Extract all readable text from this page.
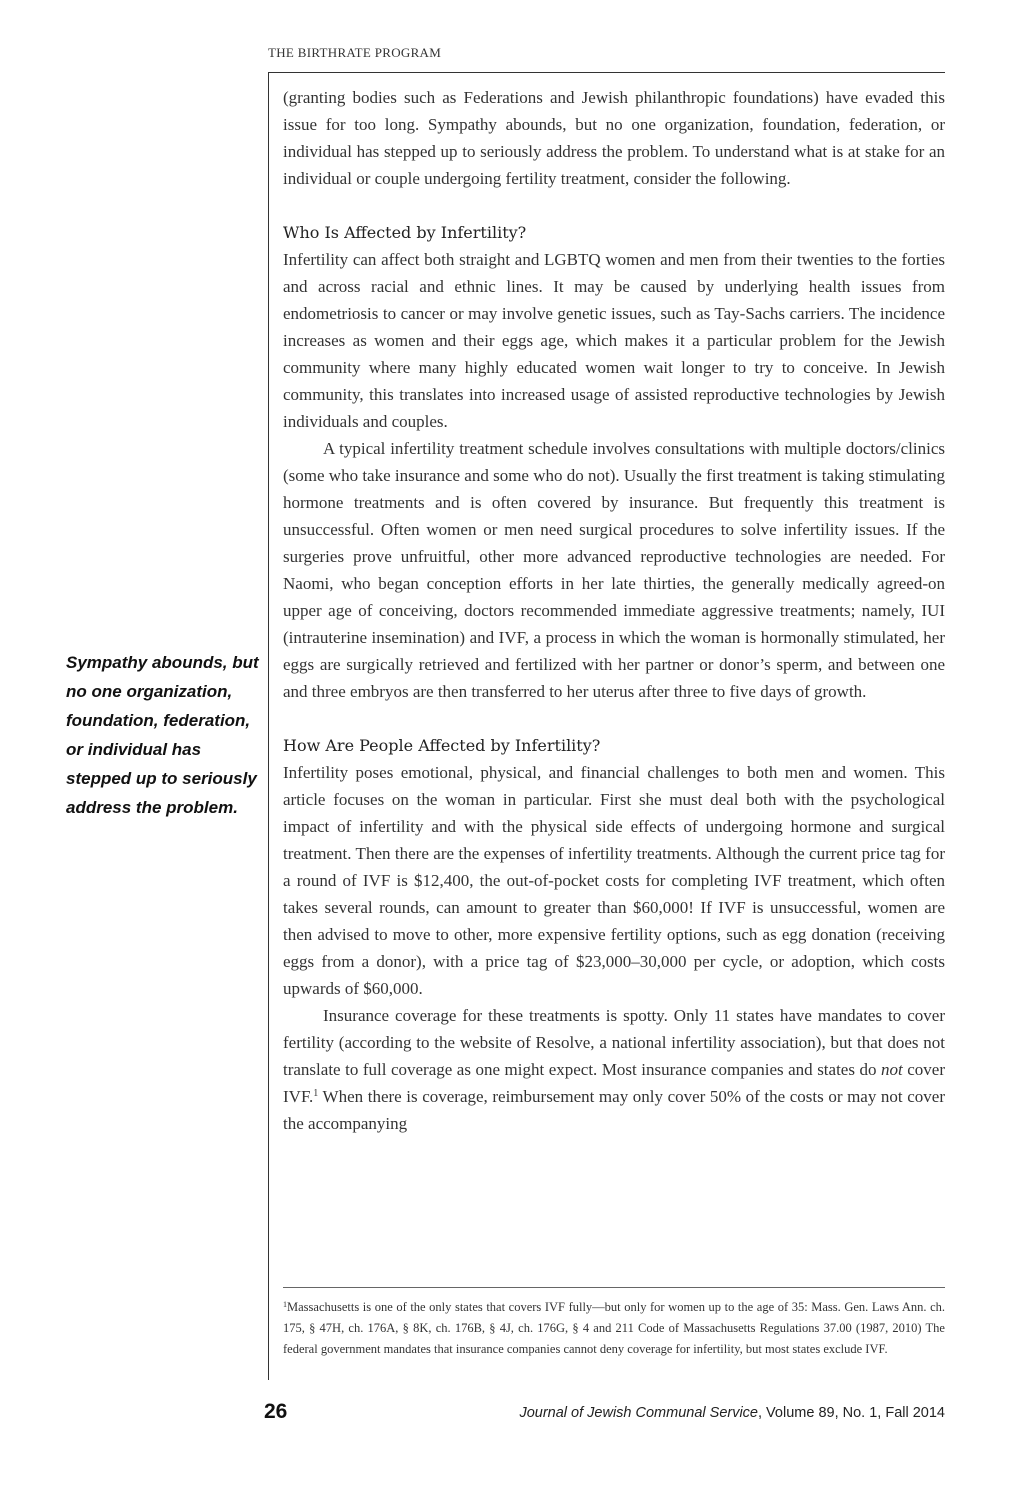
THE BIRTHRATE PROGRAM
Sympathy abounds, but no one organization, foundation, federation, or individual has stepped up to seriously address the problem.

(granting bodies such as Federations and Jewish philanthropic foundations) have evaded this issue for too long. Sympathy abounds, but no one organization, foundation, federation, or individual has stepped up to seriously address the problem. To understand what is at stake for an individual or couple undergoing fertility treatment, consider the following.

Who Is Affected by Infertility?

Infertility can affect both straight and LGBTQ women and men from their twenties to the forties and across racial and ethnic lines. It may be caused by underlying health issues from endometriosis to cancer or may involve genetic issues, such as Tay-Sachs carriers. The incidence increases as women and their eggs age, which makes it a particular problem for the Jewish community where many highly educated women wait longer to try to conceive. In Jewish community, this translates into increased usage of assisted reproductive technologies by Jewish individuals and couples.

A typical infertility treatment schedule involves consultations with multiple doctors/clinics (some who take insurance and some who do not). Usually the first treatment is taking stimulating hormone treatments and is often covered by insurance. But frequently this treatment is unsuccessful. Often women or men need surgical procedures to solve infertility issues. If the surgeries prove unfruitful, other more advanced reproductive technologies are needed. For Naomi, who began conception efforts in her late thirties, the generally medically agreed-on upper age of conceiving, doctors recommended immediate aggressive treatments; namely, IUI (intrauterine insemination) and IVF, a process in which the woman is hormonally stimulated, her eggs are surgically retrieved and fertilized with her partner or donor’s sperm, and between one and three embryos are then transferred to her uterus after three to five days of growth.

How Are People Affected by Infertility?

Infertility poses emotional, physical, and financial challenges to both men and women. This article focuses on the woman in particular. First she must deal both with the psychological impact of infertility and with the physical side effects of undergoing hormone and surgical treatment. Then there are the expenses of infertility treatments. Although the current price tag for a round of IVF is $12,400, the out-of-pocket costs for completing IVF treatment, which often takes several rounds, can amount to greater than $60,000! If IVF is unsuccessful, women are then advised to move to other, more expensive fertility options, such as egg donation (receiving eggs from a donor), with a price tag of $23,000–30,000 per cycle, or adoption, which costs upwards of $60,000.

Insurance coverage for these treatments is spotty. Only 11 states have mandates to cover fertility (according to the website of Resolve, a national infertility association), but that does not translate to full coverage as one might expect. Most insurance companies and states do not cover IVF.$^1$ When there is coverage, reimbursement may only cover 50% of the costs or may not cover the accompanying

$^1$Massachusetts is one of the only states that covers IVF fully—but only for women up to the age of 35: Mass. Gen. Laws Ann. ch. 175, § 47H, ch. 176A, § 8K, ch. 176B, § 4J, ch. 176G, § 4 and 211 Code of Massachusetts Regulations 37.00 (1987, 2010) The federal government mandates that insurance companies cannot deny coverage for infertility, but most states exclude IVF.
26	Journal of Jewish Communal Service, Volume 89, No. 1, Fall 2014
